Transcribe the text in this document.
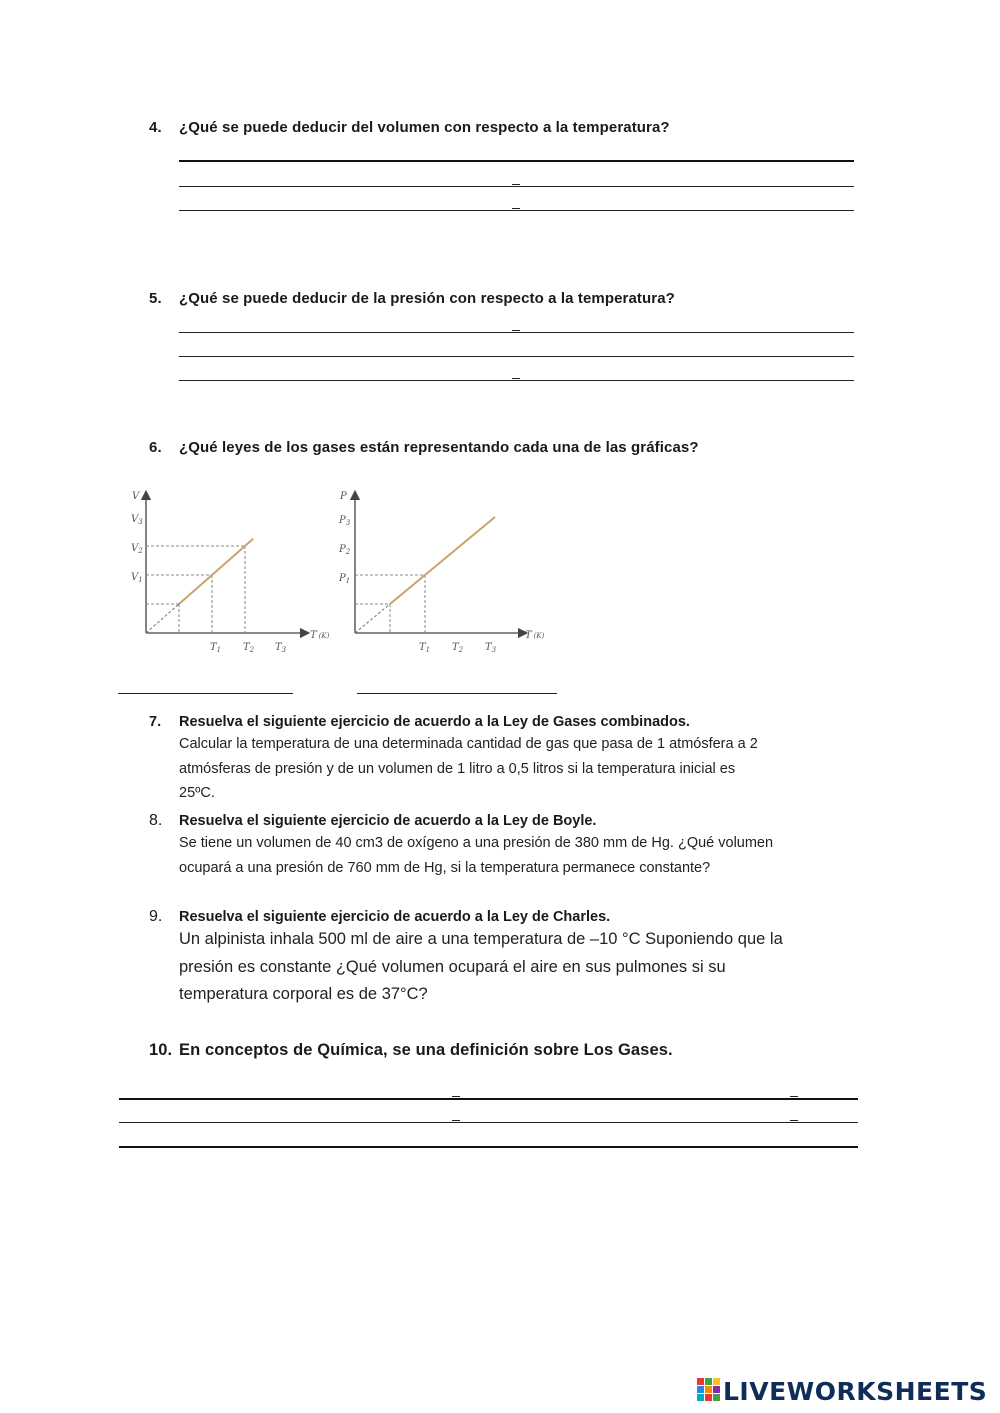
4. ¿Qué se puede deducir del volumen con respecto a la temperatura?
5. ¿Qué se puede deducir de la presión con respecto a la temperatura?
6. ¿Qué leyes de los gases están representando cada una de las gráficas?
V
$V_3$
$V_2$
$V_1$
$T_1$ $T_2$ $T_3$
T (K)
P
$P_3$
$P_2$
$P_1$
$T_1$ $T_2$ $T_3$
T (K)
7. Resuelva el siguiente ejercicio de acuerdo a la Ley de Gases combinados.
Calcular la temperatura de una determinada cantidad de gas que pasa de 1 atmósfera a 2
atmósferas de presión y de un volumen de 1 litro a 0,5 litros si la temperatura inicial es
25ºC.
8. Resuelva el siguiente ejercicio de acuerdo a la Ley de Boyle.
Se tiene un volumen de 40 cm3 de oxígeno a una presión de 380 mm de Hg. ¿Qué volumen
ocupará a una presión de 760 mm de Hg, si la temperatura permanece constante?
9. Resuelva el siguiente ejercicio de acuerdo a la Ley de Charles.
Un alpinista inhala 500 ml de aire a una temperatura de –10 °C Suponiendo que la
presión es constante ¿Qué volumen ocupará el aire en sus pulmones si su
temperatura corporal es de 37°C?
10. En conceptos de Química, se una definición sobre Los Gases.
LIVEWORKSHEETS
